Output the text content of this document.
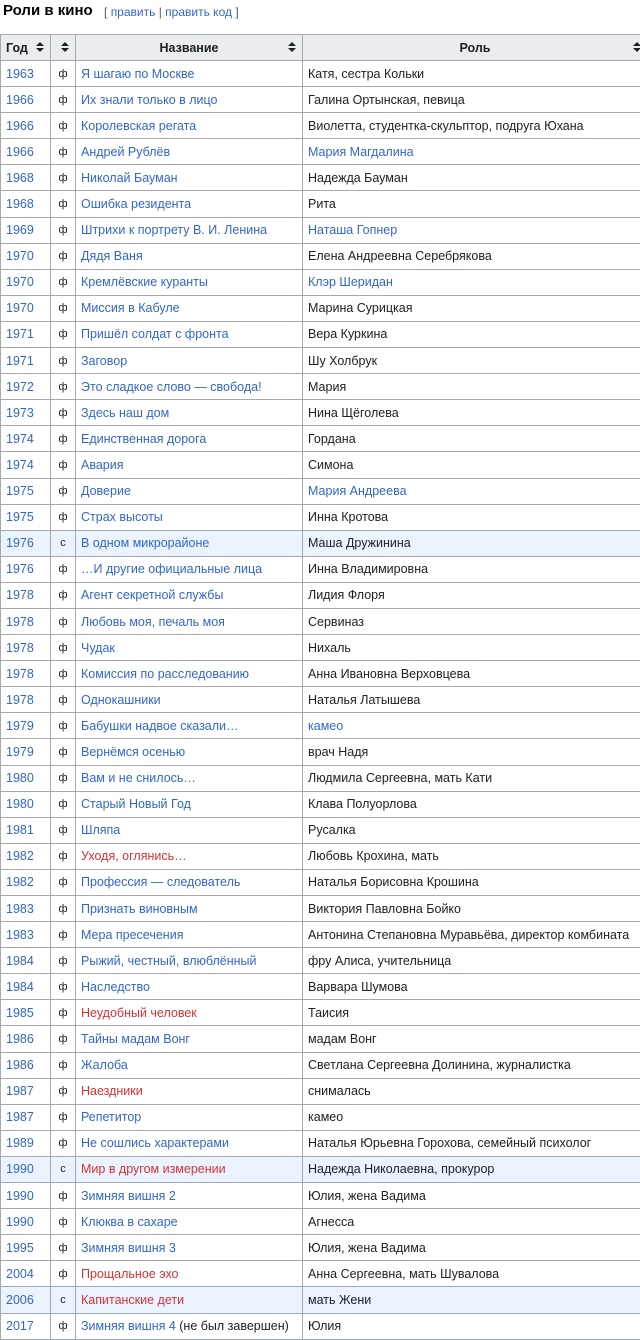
Роли в кино [ править | править код ]
Год		Название	Роль

1963	ф	Я шагаю по Москве	Катя, сестра Кольки
1966	ф	Их знали только в лицо	Галина Ортынская, певица
1966	ф	Королевская регата	Виолетта, студентка-скульптор, подруга Юхана
1966	ф	Андрей Рублёв	Мария Магдалина
1968	ф	Николай Бауман	Надежда Бауман
1968	ф	Ошибка резидента	Рита
1969	ф	Штрихи к портрету В. И. Ленина	Наташа Гопнер
1970	ф	Дядя Ваня	Елена Андреевна Серебрякова
1970	ф	Кремлёвские куранты	Клэр Шеридан
1970	ф	Миссия в Кабуле	Марина Сурицкая
1971	ф	Пришёл солдат с фронта	Вера Куркина
1971	ф	Заговор	Шу Холбрук
1972	ф	Это сладкое слово — свобода!	Мария
1973	ф	Здесь наш дом	Нина Щёголева
1974	ф	Единственная дорога	Гордана
1974	ф	Авария	Симона
1975	ф	Доверие	Мария Андреева
1975	ф	Страх высоты	Инна Кротова
1976	с	В одном микрорайоне	Маша Дружинина
1976	ф	…И другие официальные лица	Инна Владимировна
1978	ф	Агент секретной службы	Лидия Флоря
1978	ф	Любовь моя, печаль моя	Сервиназ
1978	ф	Чудак	Нихаль
1978	ф	Комиссия по расследованию	Анна Ивановна Верховцева
1978	ф	Однокашники	Наталья Латышева
1979	ф	Бабушки надвое сказали…	камео
1979	ф	Вернёмся осенью	врач Надя
1980	ф	Вам и не снилось…	Людмила Сергеевна, мать Кати
1980	ф	Старый Новый Год	Клава Полуорлова
1981	ф	Шляпа	Русалка
1982	ф	Уходя, оглянись…	Любовь Крохина, мать
1982	ф	Профессия — следователь	Наталья Борисовна Крошина
1983	ф	Признать виновным	Виктория Павловна Бойко
1983	ф	Мера пресечения	Антонина Степановна Муравьёва, директор комбината
1984	ф	Рыжий, честный, влюблённый	фру Алиса, учительница
1984	ф	Наследство	Варвара Шумова
1985	ф	Неудобный человек	Таисия
1986	ф	Тайны мадам Вонг	мадам Вонг
1986	ф	Жалоба	Светлана Сергеевна Долинина, журналистка
1987	ф	Наездники	снималась
1987	ф	Репетитор	камео
1989	ф	Не сошлись характерами	Наталья Юрьевна Горохова, семейный психолог
1990	с	Мир в другом измерении	Надежда Николаевна, прокурор
1990	ф	Зимняя вишня 2	Юлия, жена Вадима
1990	ф	Клюква в сахаре	Агнесса
1995	ф	Зимняя вишня 3	Юлия, жена Вадима
2004	ф	Прощальное эхо	Анна Сергеевна, мать Шувалова
2006	с	Капитанские дети	мать Жени
2017	ф	Зимняя вишня 4 (не был завершен)	Юлия
